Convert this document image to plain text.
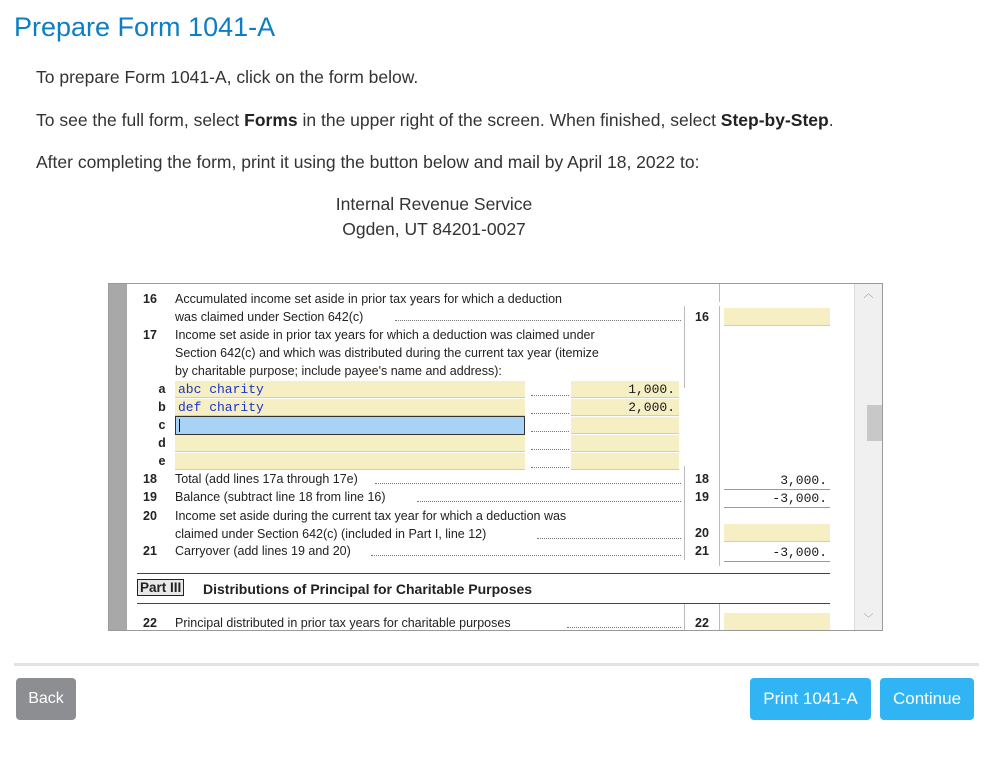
Prepare Form 1041-A

To prepare Form 1041-A, click on the form below.

To see the full form, select Forms in the upper right of the screen. When finished, select Step-by-Step.

After completing the form, print it using the button below and mail by April 18, 2022 to:

Internal Revenue Service
Ogden, UT 84201-0027
16 Accumulated income set aside in prior tax years for which a deduction
was claimed under Section 642(c)	16
17 Income set aside in prior tax years for which a deduction was claimed under
Section 642(c) and which was distributed during the current tax year (itemize
by charitable purpose; include payee's name and address):
a abc charity	1,000.
b def charity	2,000.
c
d
e
18 Total (add lines 17a through 17e)	18	3,000.
19 Balance (subtract line 18 from line 16)	19	-3,000.
20 Income set aside during the current tax year for which a deduction was
claimed under Section 642(c) (included in Part I, line 12)	20
21 Carryover (add lines 19 and 20)	21	-3,000.
Part III Distributions of Principal for Charitable Purposes
22 Principal distributed in prior tax years for charitable purposes	22
︿
﹀
Back	Print 1041-A	Continue
